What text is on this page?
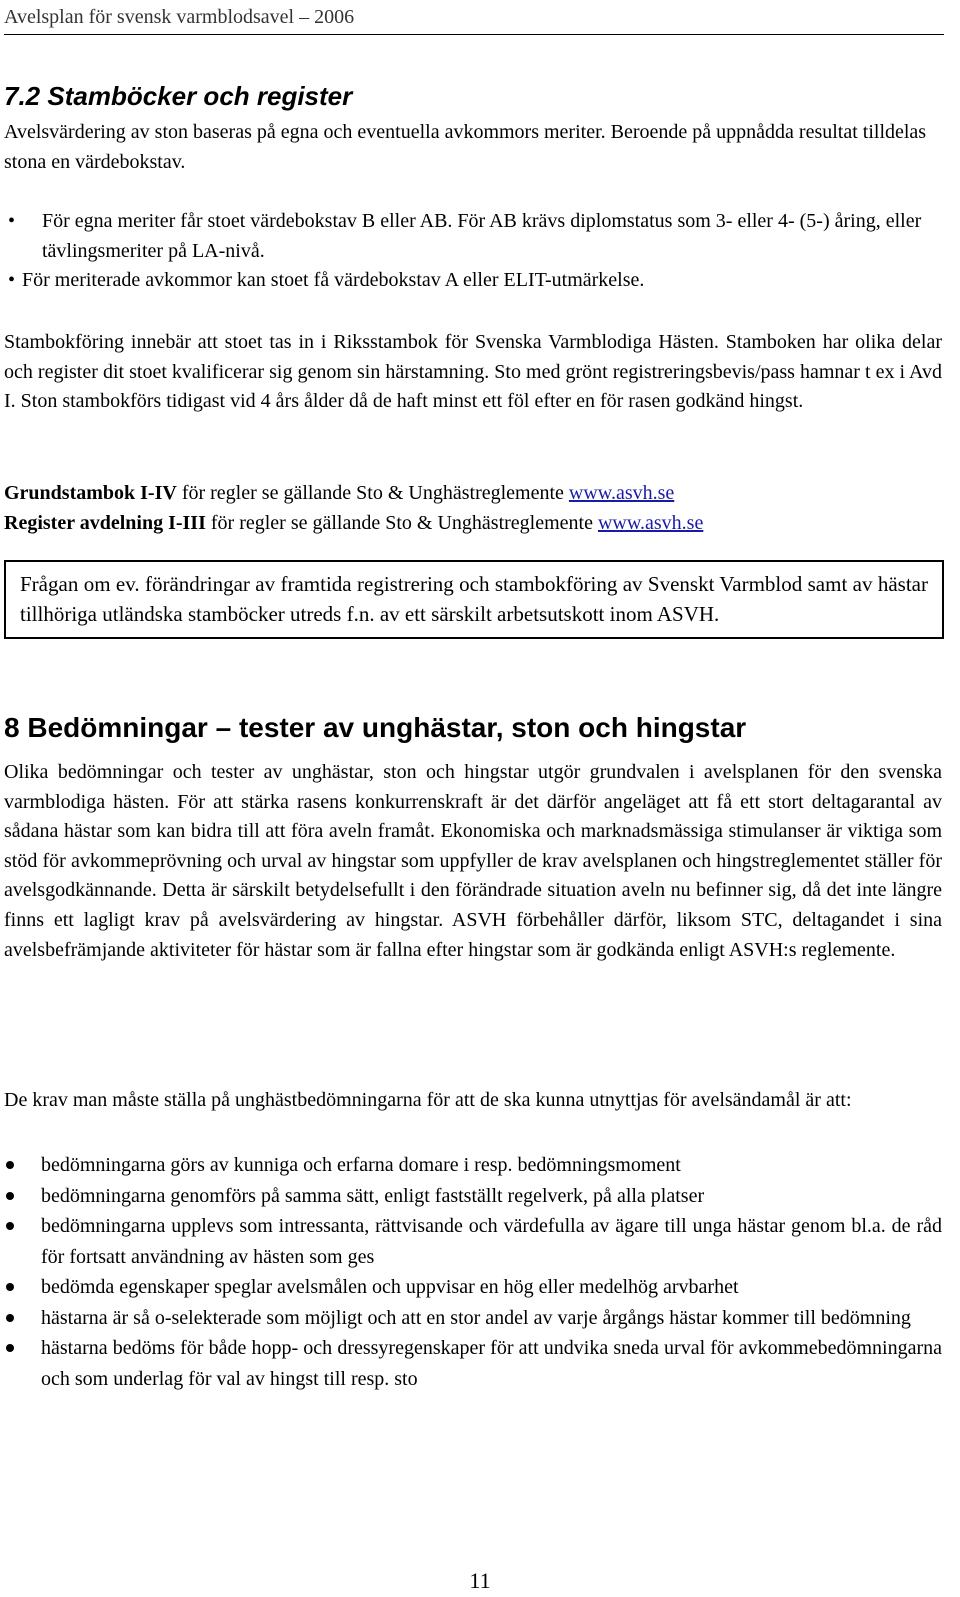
Avelsplan för svensk varmblodsavel – 2006
7.2 Stamböcker och register

Avelsvärdering av ston baseras på egna och eventuella avkommors meriter. Beroende på uppnådda resultat tilldelas stona en värdebokstav.

• För egna meriter får stoet värdebokstav B eller AB. För AB krävs diplomstatus som 3- eller 4- (5-) åring, eller tävlingsmeriter på LA-nivå.
• För meriterade avkommor kan stoet få värdebokstav A eller ELIT-utmärkelse.

Stambokföring innebär att stoet tas in i Riksstambok för Svenska Varmblodiga Hästen. Stamboken har olika delar och register dit stoet kvalificerar sig genom sin härstamning. Sto med grönt registreringsbevis/pass hamnar t ex i Avd I. Ston stambokförs tidigast vid 4 års ålder då de haft minst ett föl efter en för rasen godkänd hingst.

Grundstambok I-IV för regler se gällande Sto & Unghästreglemente www.asvh.se
Register avdelning I-III för regler se gällande Sto & Unghästreglemente www.asvh.se
Frågan om ev. förändringar av framtida registrering och stambokföring av Svenskt Varmblod samt av hästar tillhöriga utländska stamböcker utreds f.n. av ett särskilt arbetsutskott inom ASVH.
8 Bedömningar – tester av unghästar, ston och hingstar

Olika bedömningar och tester av unghästar, ston och hingstar utgör grundvalen i avelsplanen för den svenska varmblodiga hästen. För att stärka rasens konkurrenskraft är det därför angeläget att få ett stort deltagarantal av sådana hästar som kan bidra till att föra aveln framåt. Ekonomiska och marknadsmässiga stimulanser är viktiga som stöd för avkommeprövning och urval av hingstar som uppfyller de krav avelsplanen och hingstreglementet ställer för avelsgodkännande. Detta är särskilt betydelsefullt i den förändrade situation aveln nu befinner sig, då det inte längre finns ett lagligt krav på avelsvärdering av hingstar. ASVH förbehåller därför, liksom STC, deltagandet i sina avelsbefrämjande aktiviteter för hästar som är fallna efter hingstar som är godkända enligt ASVH:s reglemente.

De krav man måste ställa på unghästbedömningarna för att de ska kunna utnyttjas för avelsändamål är att:

bedömningarna görs av kunniga och erfarna domare i resp. bedömningsmoment
bedömningarna genomförs på samma sätt, enligt fastställt regelverk, på alla platser
bedömningarna upplevs som intressanta, rättvisande och värdefulla av ägare till unga hästar genom bl.a. de råd för fortsatt användning av hästen som ges
bedömda egenskaper speglar avelsmålen och uppvisar en hög eller medelhög arvbarhet
hästarna är så o-selekterade som möjligt och att en stor andel av varje årgångs hästar kommer till bedömning
hästarna bedöms för både hopp- och dressyregenskaper för att undvika sneda urval för avkommebedömningarna och som underlag för val av hingst till resp. sto
11
